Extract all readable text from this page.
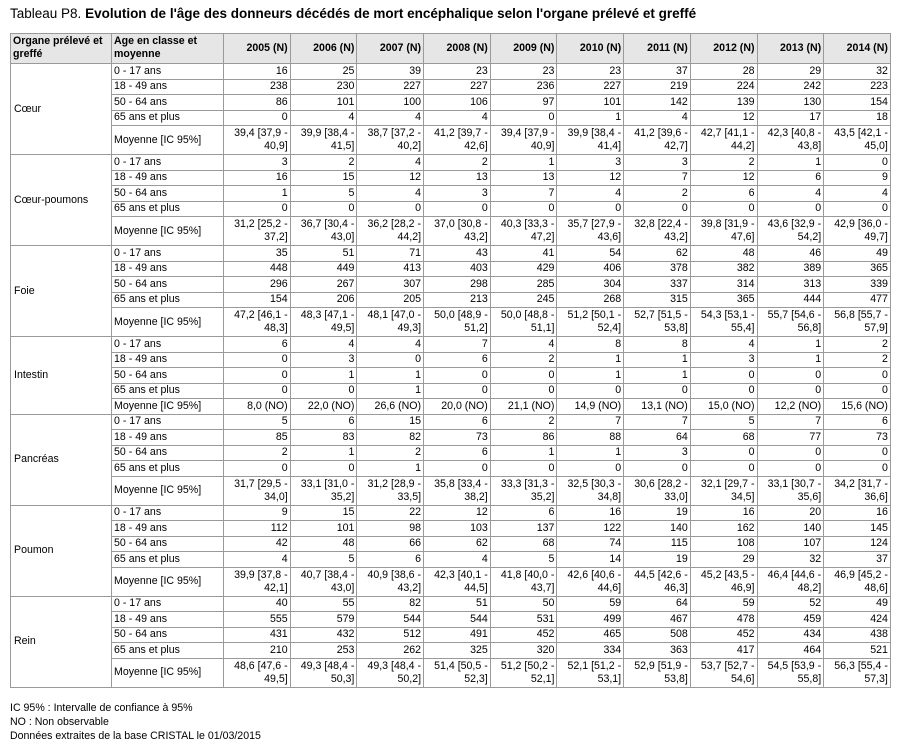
Tableau P8. Evolution de l'âge des donneurs décédés de mort encéphalique selon l'organe prélevé et greffé
Organe prélevé et greffé	Age en classe et moyenne	2005 (N)	2006 (N)	2007 (N)	2008 (N)	2009 (N)	2010 (N)	2011 (N)	2012 (N)	2013 (N)	2014 (N)
Cœur	0 - 17 ans	16	25	39	23	23	23	37	28	29	32
	18 - 49 ans	238	230	227	227	236	227	219	224	242	223
	50 - 64 ans	86	101	100	106	97	101	142	139	130	154
	65 ans et plus	0	4	4	4	0	1	4	12	17	18
	Moyenne [IC 95%]	39,4 [37,9 - 40,9]	39,9 [38,4 - 41,5]	38,7 [37,2 - 40,2]	41,2 [39,7 - 42,6]	39,4 [37,9 - 40,9]	39,9 [38,4 - 41,4]	41,2 [39,6 - 42,7]	42,7 [41,1 - 44,2]	42,3 [40,8 - 43,8]	43,5 [42,1 - 45,0]
Cœur-poumons	0 - 17 ans	3	2	4	2	1	3	3	2	1	0
	18 - 49 ans	16	15	12	13	13	12	7	12	6	9
	50 - 64 ans	1	5	4	3	7	4	2	6	4	4
	65 ans et plus	0	0	0	0	0	0	0	0	0	0
	Moyenne [IC 95%]	31,2 [25,2 - 37,2]	36,7 [30,4 - 43,0]	36,2 [28,2 - 44,2]	37,0 [30,8 - 43,2]	40,3 [33,3 - 47,2]	35,7 [27,9 - 43,6]	32,8 [22,4 - 43,2]	39,8 [31,9 - 47,6]	43,6 [32,9 - 54,2]	42,9 [36,0 - 49,7]
Foie	0 - 17 ans	35	51	71	43	41	54	62	48	46	49
	18 - 49 ans	448	449	413	403	429	406	378	382	389	365
	50 - 64 ans	296	267	307	298	285	304	337	314	313	339
	65 ans et plus	154	206	205	213	245	268	315	365	444	477
	Moyenne [IC 95%]	47,2 [46,1 - 48,3]	48,3 [47,1 - 49,5]	48,1 [47,0 - 49,3]	50,0 [48,9 - 51,2]	50,0 [48,8 - 51,1]	51,2 [50,1 - 52,4]	52,7 [51,5 - 53,8]	54,3 [53,1 - 55,4]	55,7 [54,6 - 56,8]	56,8 [55,7 - 57,9]
Intestin	0 - 17 ans	6	4	4	7	4	8	8	4	1	2
	18 - 49 ans	0	3	0	6	2	1	1	3	1	2
	50 - 64 ans	0	1	1	0	0	1	1	0	0	0
	65 ans et plus	0	0	1	0	0	0	0	0	0	0
	Moyenne [IC 95%]	8,0 (NO)	22,0 (NO)	26,6 (NO)	20,0 (NO)	21,1 (NO)	14,9 (NO)	13,1 (NO)	15,0 (NO)	12,2 (NO)	15,6 (NO)
Pancréas	0 - 17 ans	5	6	15	6	2	7	7	5	7	6
	18 - 49 ans	85	83	82	73	86	88	64	68	77	73
	50 - 64 ans	2	1	2	6	1	1	3	0	0	0
	65 ans et plus	0	0	1	0	0	0	0	0	0	0
	Moyenne [IC 95%]	31,7 [29,5 - 34,0]	33,1 [31,0 - 35,2]	31,2 [28,9 - 33,5]	35,8 [33,4 - 38,2]	33,3 [31,3 - 35,2]	32,5 [30,3 - 34,8]	30,6 [28,2 - 33,0]	32,1 [29,7 - 34,5]	33,1 [30,7 - 35,6]	34,2 [31,7 - 36,6]
Poumon	0 - 17 ans	9	15	22	12	6	16	19	16	20	16
	18 - 49 ans	112	101	98	103	137	122	140	162	140	145
	50 - 64 ans	42	48	66	62	68	74	115	108	107	124
	65 ans et plus	4	5	6	4	5	14	19	29	32	37
	Moyenne [IC 95%]	39,9 [37,8 - 42,1]	40,7 [38,4 - 43,0]	40,9 [38,6 - 43,2]	42,3 [40,1 - 44,5]	41,8 [40,0 - 43,7]	42,6 [40,6 - 44,6]	44,5 [42,6 - 46,3]	45,2 [43,5 - 46,9]	46,4 [44,6 - 48,2]	46,9 [45,2 - 48,6]
Rein	0 - 17 ans	40	55	82	51	50	59	64	59	52	49
	18 - 49 ans	555	579	544	544	531	499	467	478	459	424
	50 - 64 ans	431	432	512	491	452	465	508	452	434	438
	65 ans et plus	210	253	262	325	320	334	363	417	464	521
	Moyenne [IC 95%]	48,6 [47,6 - 49,5]	49,3 [48,4 - 50,3]	49,3 [48,4 - 50,2]	51,4 [50,5 - 52,3]	51,2 [50,2 - 52,1]	52,1 [51,2 - 53,1]	52,9 [51,9 - 53,8]	53,7 [52,7 - 54,6]	54,5 [53,9 - 55,8]	56,3 [55,4 - 57,3]
IC 95% : Intervalle de confiance à 95%
NO : Non observable
Données extraites de la base CRISTAL le 01/03/2015
